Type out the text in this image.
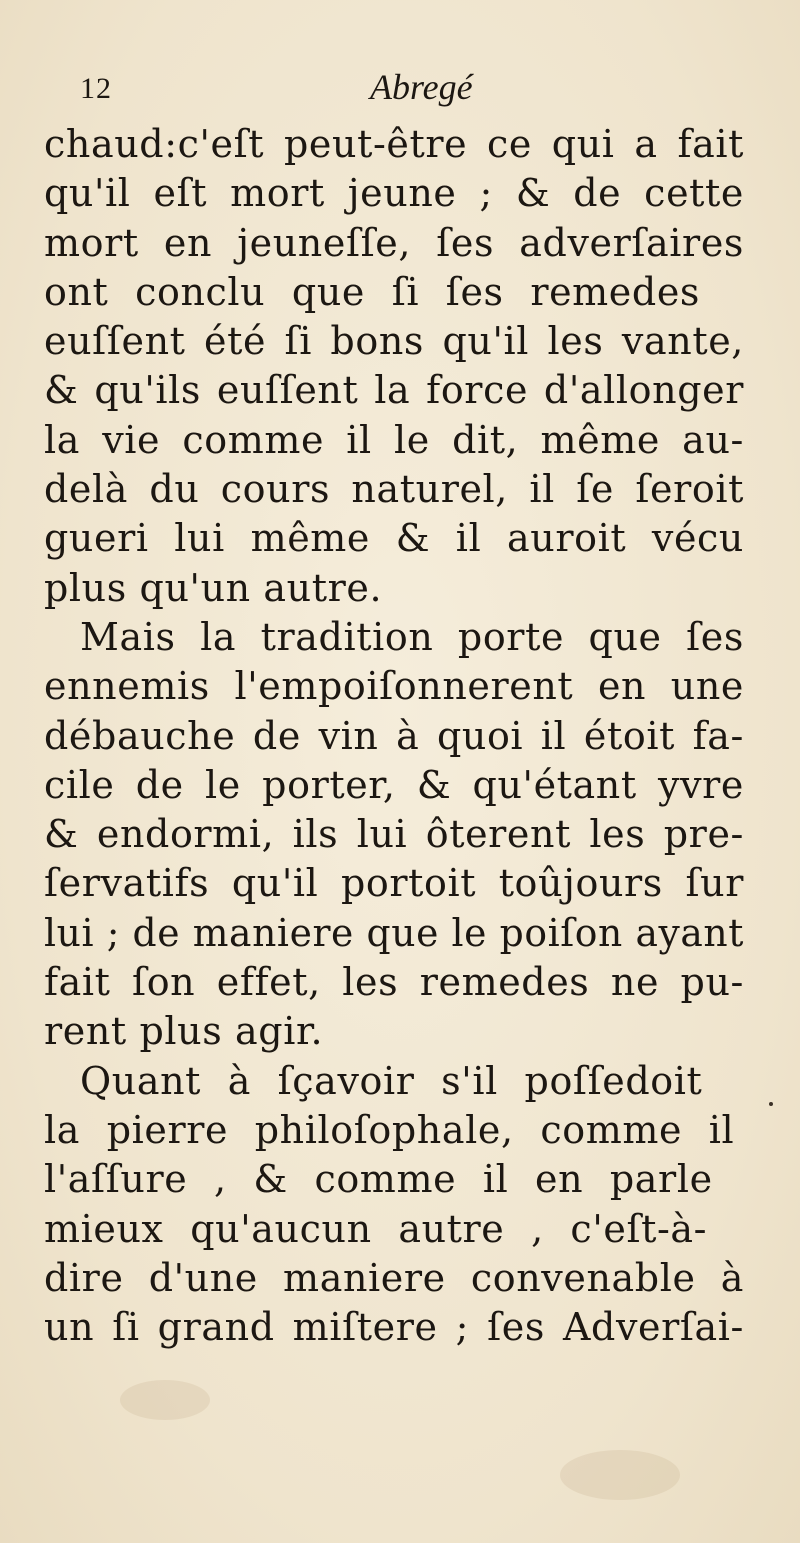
12	Abregé
chaud:c'eſt peut-être ce qui a fait
qu'il eſt mort jeune ; & de cette
mort en jeuneſſe, ſes adverſaires
ont conclu que ſi ſes remedes
euſſent été ſi bons qu'il les vante,
& qu'ils euſſent la force d'allonger
la vie comme il le dit, même au-
delà du cours naturel, il ſe ſeroit
gueri lui même & il auroit vécu
plus qu'un autre.
Mais la tradition porte que ſes
ennemis l'empoiſonnerent en une
débauche de vin à quoi il étoit fa-
cile de le porter, & qu'étant yvre
& endormi, ils lui ôterent les pre-
ſervatifs qu'il portoit toûjours ſur
lui ; de maniere que le poiſon ayant
fait ſon effet, les remedes ne pu-
rent plus agir.
Quant à ſçavoir s'il poſſedoit
la pierre philoſophale, comme il
l'aſſure , & comme il en parle
mieux qu'aucun autre , c'eſt-à-
dire d'une maniere convenable à
un ſi grand miſtere ; ſes Adverſai-
